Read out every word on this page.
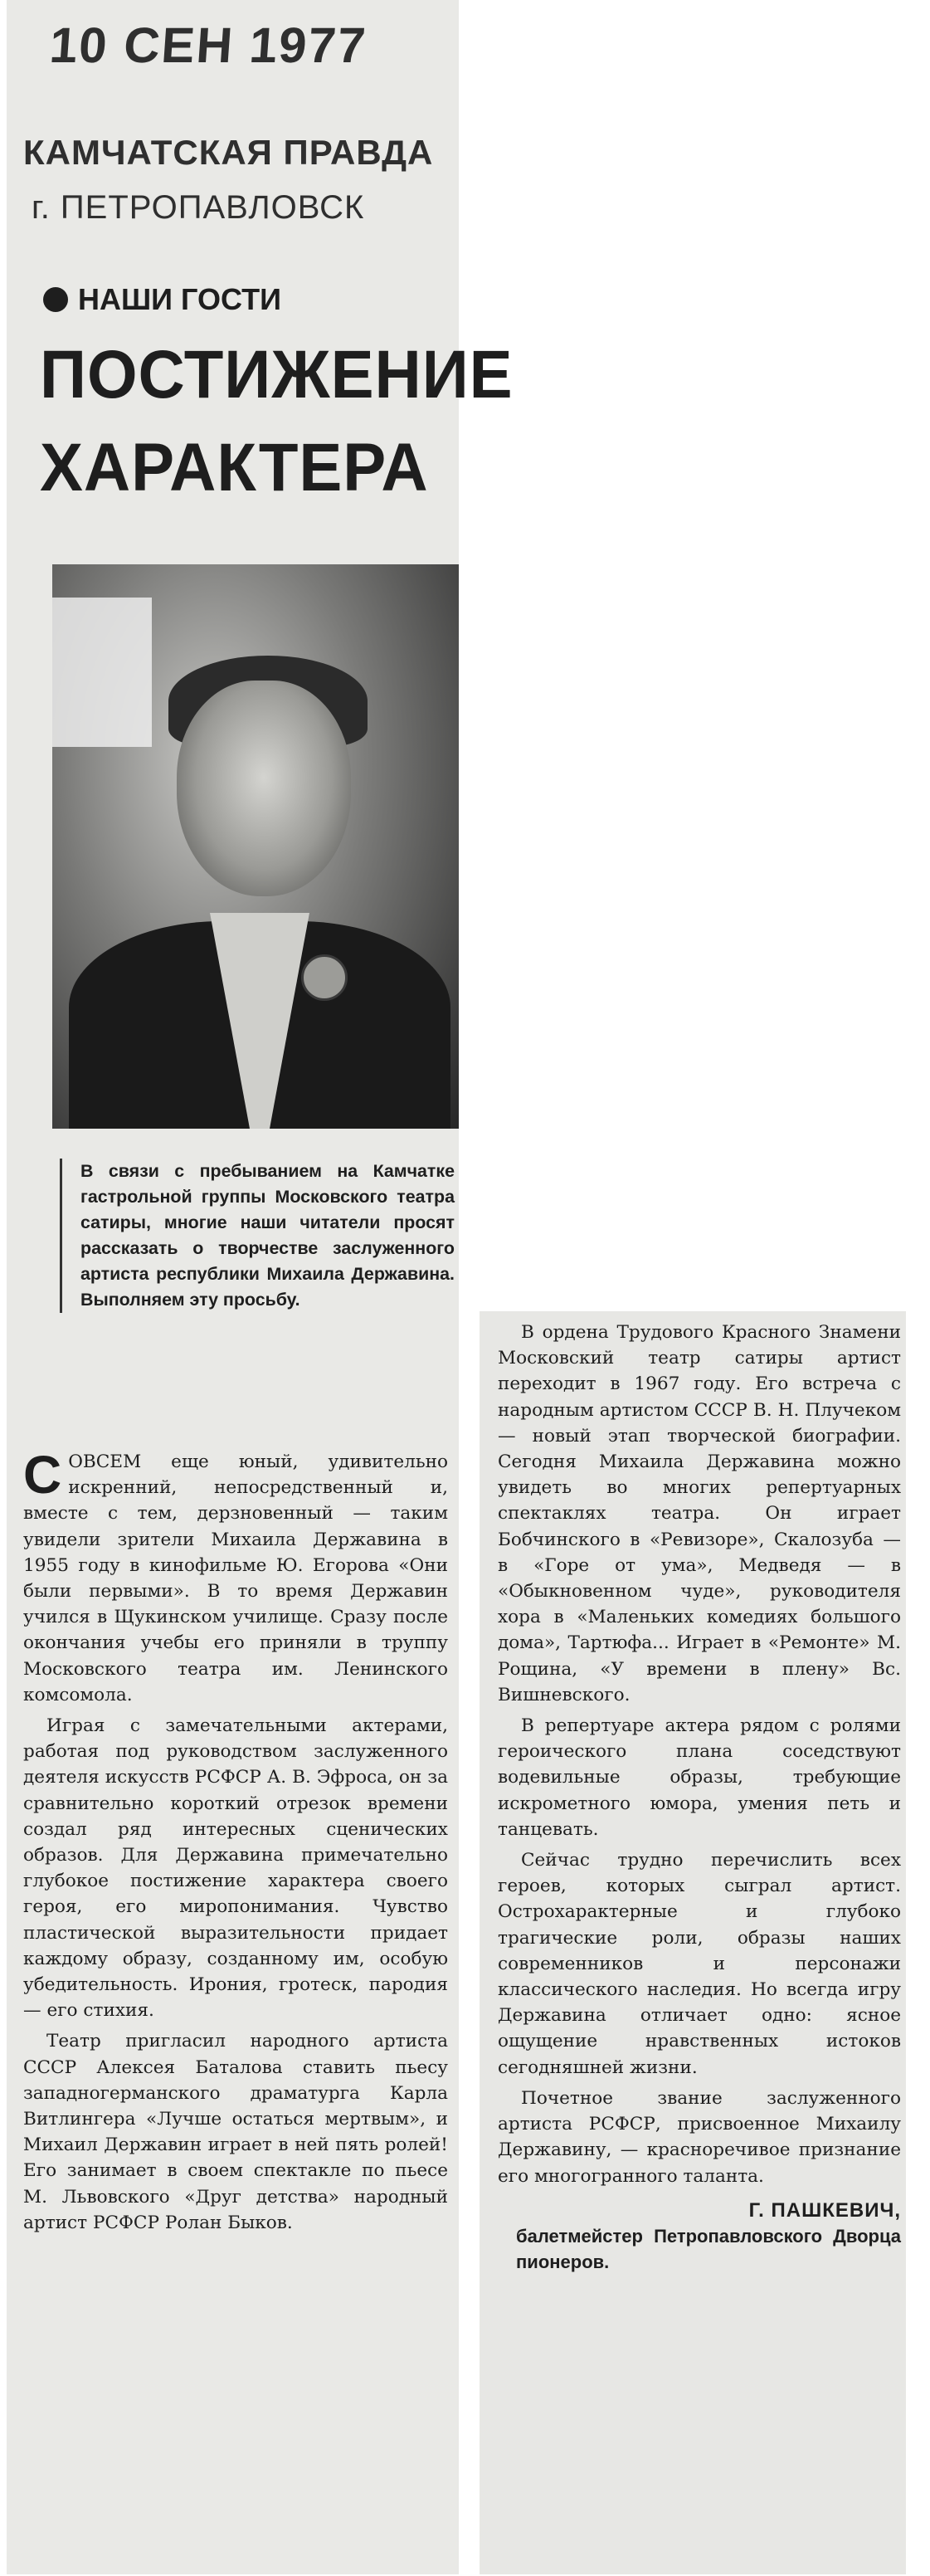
10 СЕН 1977
КАМЧАТСКАЯ ПРАВДА
г. ПЕТРОПАВЛОВСК
НАШИ ГОСТИ
ПОСТИЖЕНИЕ
ХАРАКТЕРА
В связи с пребыванием на Камчатке гастрольной группы Московского театра сатиры, многие наши читатели просят рассказать о творчестве заслуженного артиста республики Михаила Державина. Выполняем эту просьбу.

СОВСЕМ еще юный, удивительно искренний, непосредственный и, вместе с тем, дерзновенный — таким увидели зрители Михаила Державина в 1955 году в кинофильме Ю. Егорова «Они были первыми». В то время Державин учился в Щукинском училище. Сразу после окончания учебы его приняли в труппу Московского театра им. Ленинского комсомола.

Играя с замечательными актерами, работая под руководством заслуженного деятеля искусств РСФСР А. В. Эфроса, он за сравнительно короткий отрезок времени создал ряд интересных сценических образов. Для Державина примечательно глубокое постижение характера своего героя, его миропонимания. Чувство пластической выразительности придает каждому образу, созданному им, особую убедительность. Ирония, гротеск, пародия — его стихия.

Театр пригласил народного артиста СССР Алексея Баталова ставить пьесу западногерманского драматурга Карла Витлингера «Лучше остаться мертвым», и Михаил Державин играет в ней пять ролей! Его занимает в своем спектакле по пьесе М. Львовского «Друг детства» народный артист РСФСР Ролан Быков.

В ордена Трудового Красного Знамени Московский театр сатиры артист переходит в 1967 году. Его встреча с народным артистом СССР В. Н. Плучеком — новый этап творческой биографии. Сегодня Михаила Державина можно увидеть во многих репертуарных спектаклях театра. Он играет Бобчинского в «Ревизоре», Скалозуба — в «Горе от ума», Медведя — в «Обыкновенном чуде», руководителя хора в «Маленьких комедиях большого дома», Тартюфа... Играет в «Ремонте» М. Рощина, «У времени в плену» Вс. Вишневского.

В репертуаре актера рядом с ролями героического плана соседствуют водевильные образы, требующие искрометного юмора, умения петь и танцевать.

Сейчас трудно перечислить всех героев, которых сыграл артист. Острохарактерные и глубоко трагические роли, образы наших современников и персонажи классического наследия. Но всегда игру Державина отличает одно: ясное ощущение нравственных истоков сегодняшней жизни.

Почетное звание заслуженного артиста РСФСР, присвоенное Михаилу Державину, — красноречивое признание его многогранного таланта.

Г. ПАШКЕВИЧ,
балетмейстер Петропавловского Дворца пионеров.
